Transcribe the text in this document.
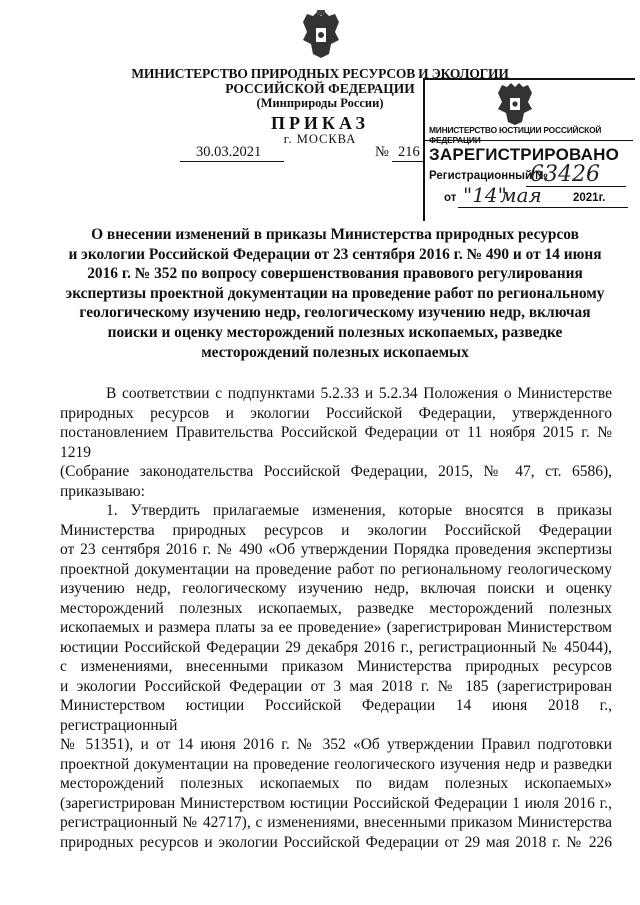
МИНИСТЕРСТВО ПРИРОДНЫХ РЕСУРСОВ И ЭКОЛОГИИ
РОССИЙСКОЙ ФЕДЕРАЦИИ
(Минприроды России)
ПРИКАЗ
г. МОСКВА
30.03.2021	№ 216
МИНИСТЕРСТВО ЮСТИЦИИ РОССИЙСКОЙ ФЕДЕРАЦИИ
ЗАРЕГИСТРИРОВАНО
Регистрационный №
63426
от "14"
мая	2021г.
О внесении изменений в приказы Министерства природных ресурсов
и экологии Российской Федерации от 23 сентября 2016 г. № 490 и от 14 июня
2016 г. № 352 по вопросу совершенствования правового регулирования
экспертизы проектной документации на проведение работ по региональному
геологическому изучению недр, геологическому изучению недр, включая
поиски и оценку месторождений полезных ископаемых, разведке
месторождений полезных ископаемых
В соответствии с подпунктами 5.2.33 и 5.2.34 Положения о Министерстве
природных ресурсов и экологии Российской Федерации, утвержденного
постановлением Правительства Российской Федерации от 11 ноября 2015 г. № 1219
(Собрание законодательства Российской Федерации, 2015, № 47, ст. 6586),
приказываю:
1. Утвердить прилагаемые изменения, которые вносятся в приказы
Министерства природных ресурсов и экологии Российской Федерации
от 23 сентября 2016 г. № 490 «Об утверждении Порядка проведения экспертизы
проектной документации на проведение работ по региональному геологическому
изучению недр, геологическому изучению недр, включая поиски и оценку
месторождений полезных ископаемых, разведке месторождений полезных
ископаемых и размера платы за ее проведение» (зарегистрирован Министерством
юстиции Российской Федерации 29 декабря 2016 г., регистрационный № 45044),
с изменениями, внесенными приказом Министерства природных ресурсов
и экологии Российской Федерации от 3 мая 2018 г. № 185 (зарегистрирован
Министерством юстиции Российской Федерации 14 июня 2018 г., регистрационный
№ 51351), и от 14 июня 2016 г. № 352 «Об утверждении Правил подготовки
проектной документации на проведение геологического изучения недр и разведки
месторождений полезных ископаемых по видам полезных ископаемых»
(зарегистрирован Министерством юстиции Российской Федерации 1 июля 2016 г.,
регистрационный № 42717), с изменениями, внесенными приказом Министерства
природных ресурсов и экологии Российской Федерации от 29 мая 2018 г. № 226
